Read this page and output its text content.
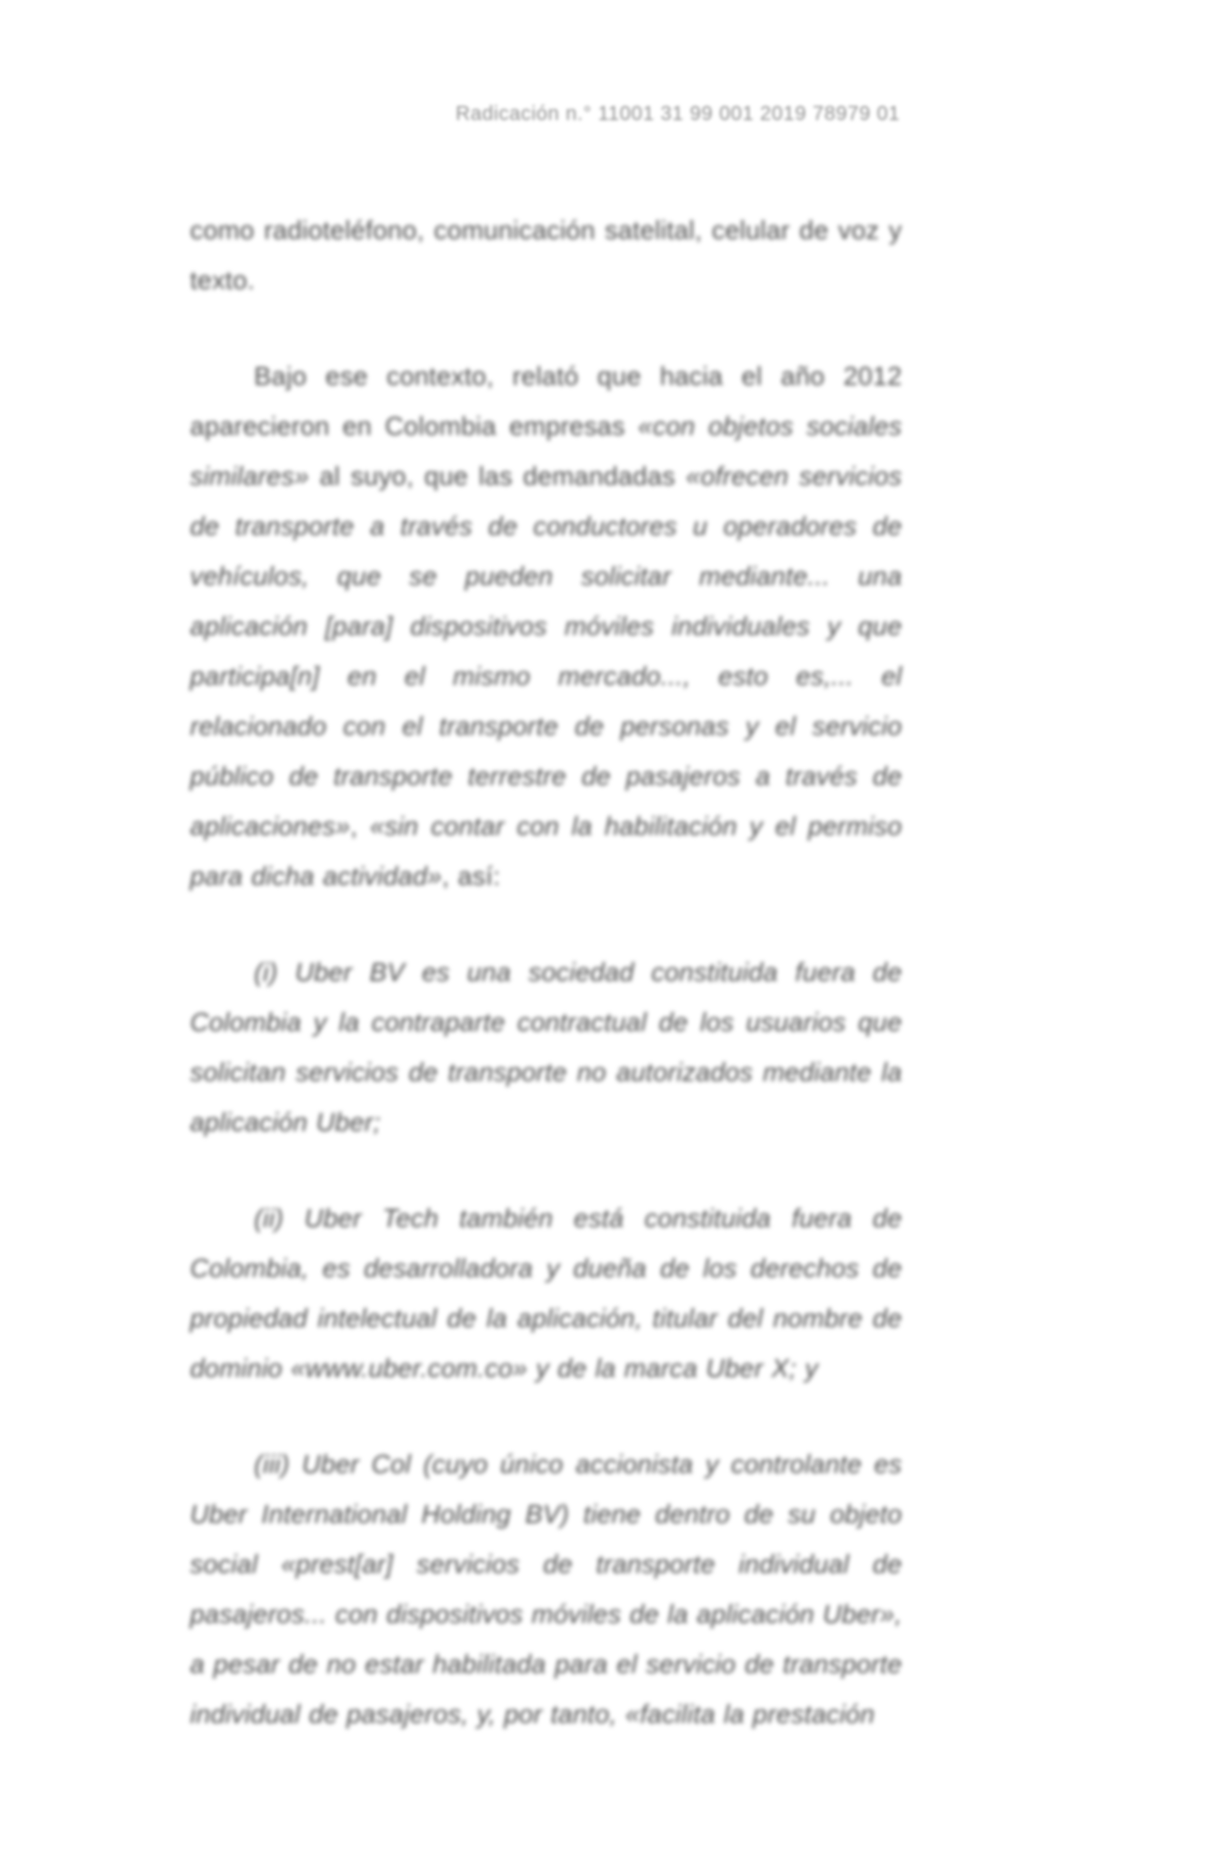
Radicación n.° 11001 31 99 001 2019 78979 01

como radioteléfono, comunicación satelital, celular de voz y texto.

Bajo ese contexto, relató que hacia el año 2012 aparecieron en Colombia empresas «con objetos sociales similares» al suyo, que las demandadas «ofrecen servicios de transporte a través de conductores u operadores de vehículos, que se pueden solicitar mediante... una aplicación [para] dispositivos móviles individuales y que participa[n] en el mismo mercado..., esto es,... el relacionado con el transporte de personas y el servicio público de transporte terrestre de pasajeros a través de aplicaciones», «sin contar con la habilitación y el permiso para dicha actividad», así:

(i) Uber BV es una sociedad constituida fuera de Colombia y la contraparte contractual de los usuarios que solicitan servicios de transporte no autorizados mediante la aplicación Uber;

(ii) Uber Tech también está constituida fuera de Colombia, es desarrolladora y dueña de los derechos de propiedad intelectual de la aplicación, titular del nombre de dominio «www.uber.com.co» y de la marca Uber X; y

(iii) Uber Col (cuyo único accionista y controlante es Uber International Holding BV) tiene dentro de su objeto social «prest[ar] servicios de transporte individual de pasajeros... con dispositivos móviles de la aplicación Uber», a pesar de no estar habilitada para el servicio de transporte individual de pasajeros, y, por tanto, «facilita la prestación
